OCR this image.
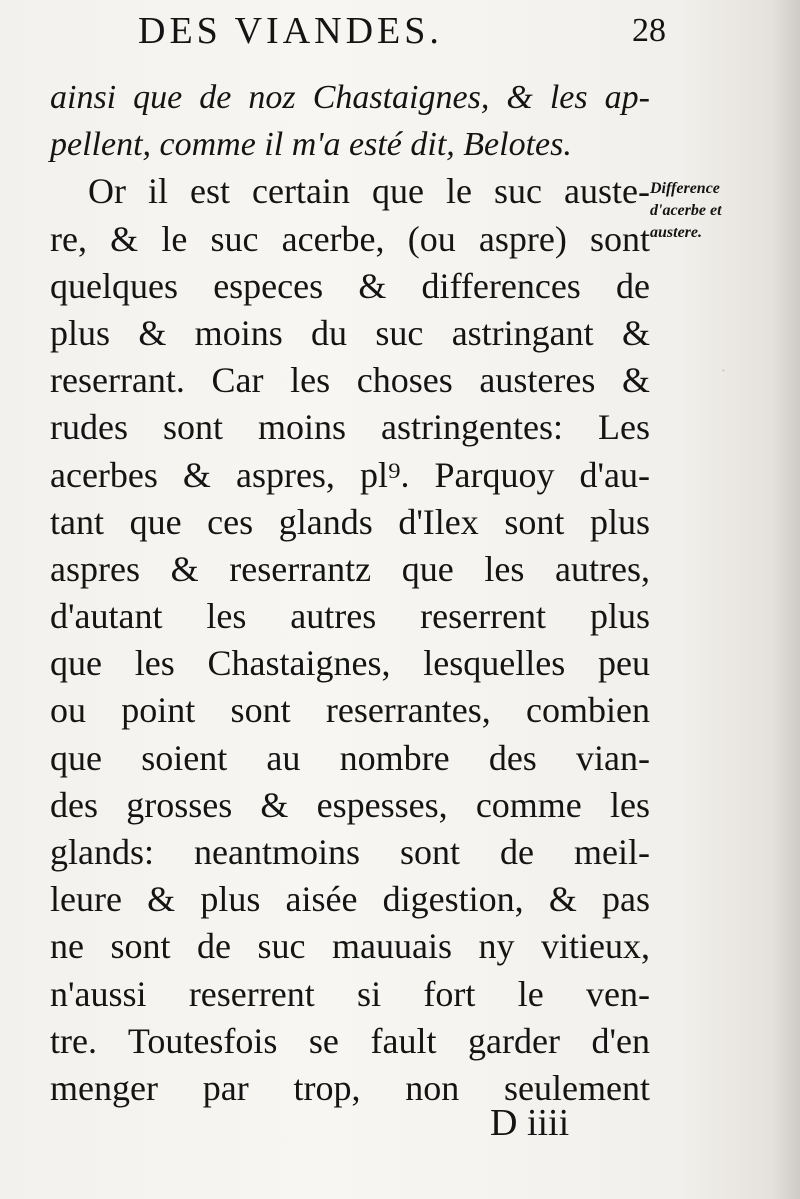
·
DES VIANDES.	28
ainsi que de noz Chastaignes, & les ap-
pellent, comme il m'a esté dit, Belotes.
Or il est certain que le suc auste-
re, & le suc acerbe, (ou aspre) sont
quelques especes & differences de
plus & moins du suc astringant &
reserrant. Car les choses austeres &
rudes sont moins astringentes: Les
acerbes & aspres, pl⁹. Parquoy d'au-
tant que ces glands d'Ilex sont plus
aspres & reserrantz que les autres,
d'autant les autres reserrent plus
que les Chastaignes, lesquelles peu
ou point sont reserrantes, combien
que soient au nombre des vian-
des grosses & espesses, comme les
glands: neantmoins sont de meil-
leure & plus aisée digestion, & pas
ne sont de suc mauuais ny vitieux,
n'aussi reserrent si fort le ven-
tre. Toutesfois se fault garder d'en
menger par trop, non seulement
Difference
d'acerbe et
austere.
D iiii
